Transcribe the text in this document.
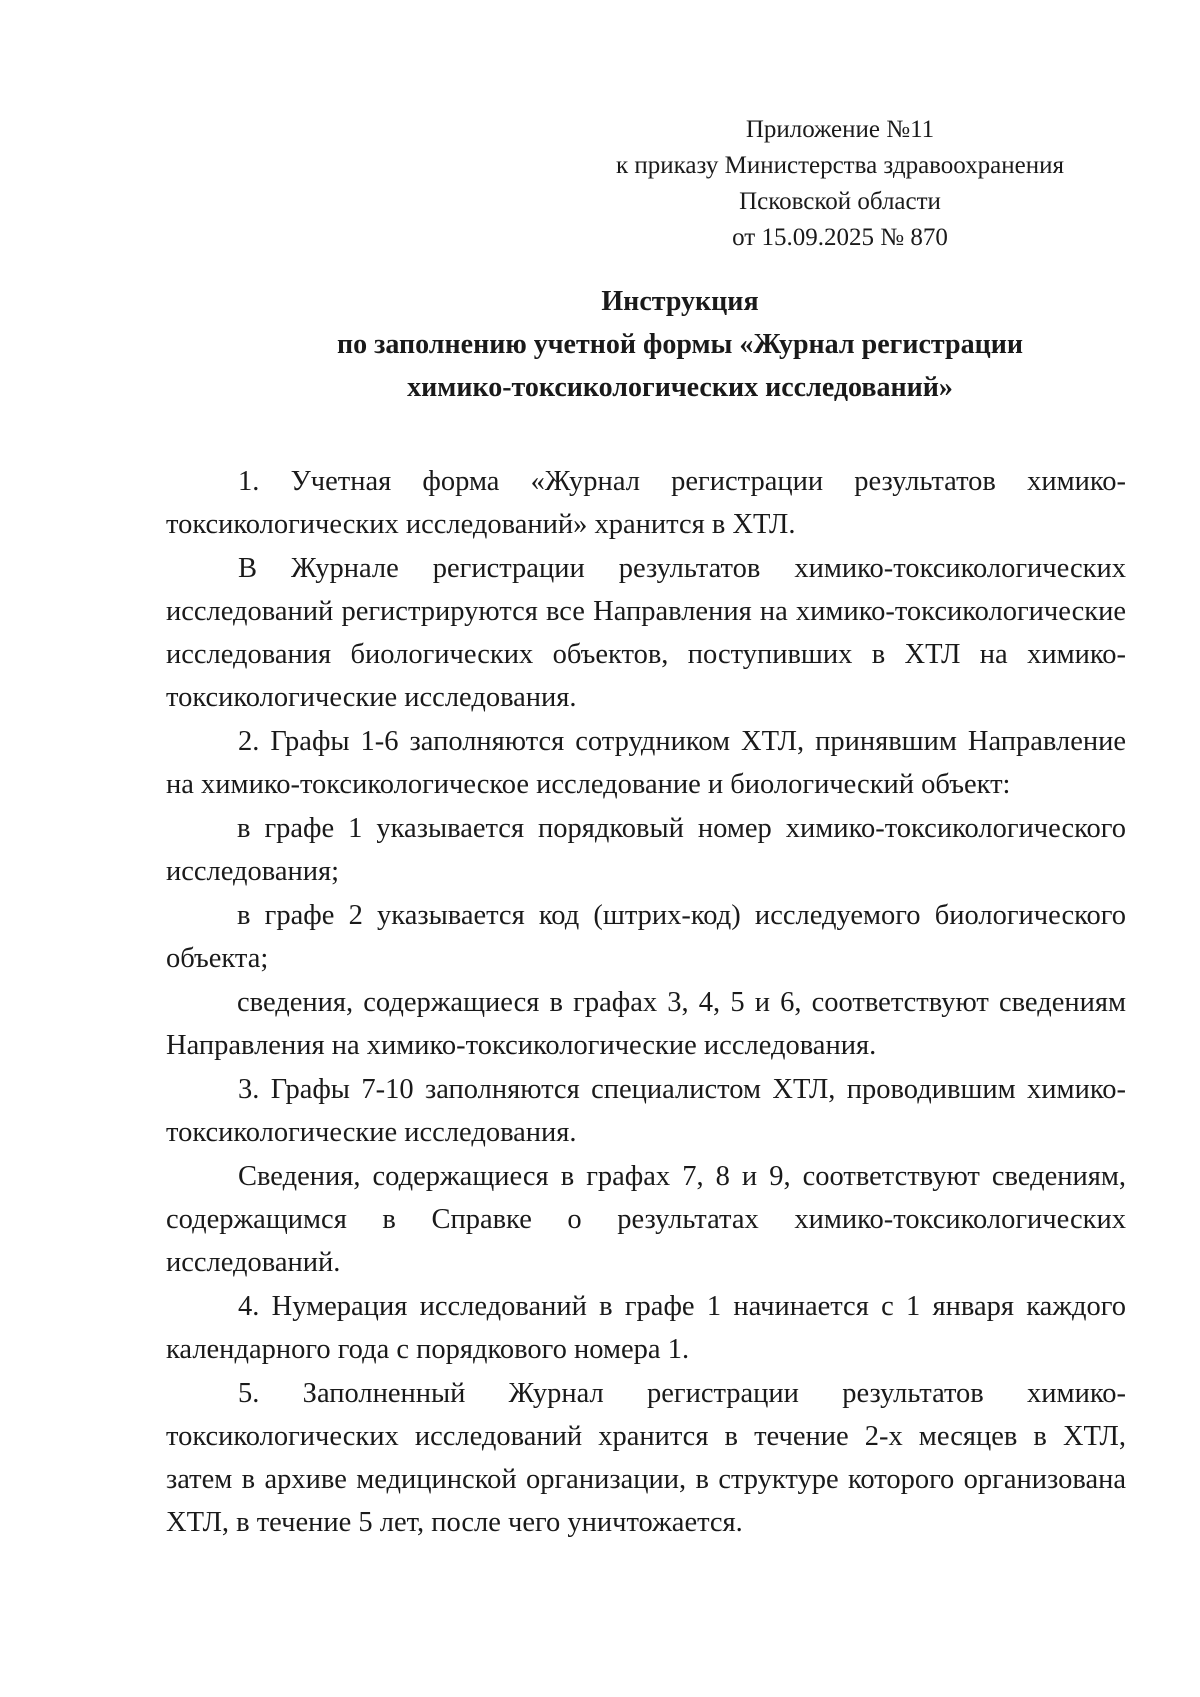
Приложение №11
к приказу Министерства здравоохранения
Псковской области
от 15.09.2025 № 870
Инструкция
по заполнению учетной формы «Журнал регистрации
химико-токсикологических исследований»

1. Учетная форма «Журнал регистрации результатов химико-токсикологических исследований» хранится в ХТЛ.

В Журнале регистрации результатов химико-токсикологических исследований регистрируются все Направления на химико-токсикологические исследования биологических объектов, поступивших в ХТЛ на химико-токсикологические исследования.

2. Графы 1-6 заполняются сотрудником ХТЛ, принявшим Направление на химико-токсикологическое исследование и биологический объект:

в графе 1 указывается порядковый номер химико-токсикологического исследования;

в графе 2 указывается код (штрих-код) исследуемого биологического объекта;

сведения, содержащиеся в графах 3, 4, 5 и 6, соответствуют сведениям Направления на химико-токсикологические исследования.

3. Графы 7-10 заполняются специалистом ХТЛ, проводившим химико-токсикологические исследования.

Сведения, содержащиеся в графах 7, 8 и 9, соответствуют сведениям, содержащимся в Справке о результатах химико-токсикологических исследований.

4. Нумерация исследований в графе 1 начинается с 1 января каждого календарного года с порядкового номера 1.

5. Заполненный Журнал регистрации результатов химико-токсикологических исследований хранится в течение 2-х месяцев в ХТЛ, затем в архиве медицинской организации, в структуре которого организована ХТЛ, в течение 5 лет, после чего уничтожается.
